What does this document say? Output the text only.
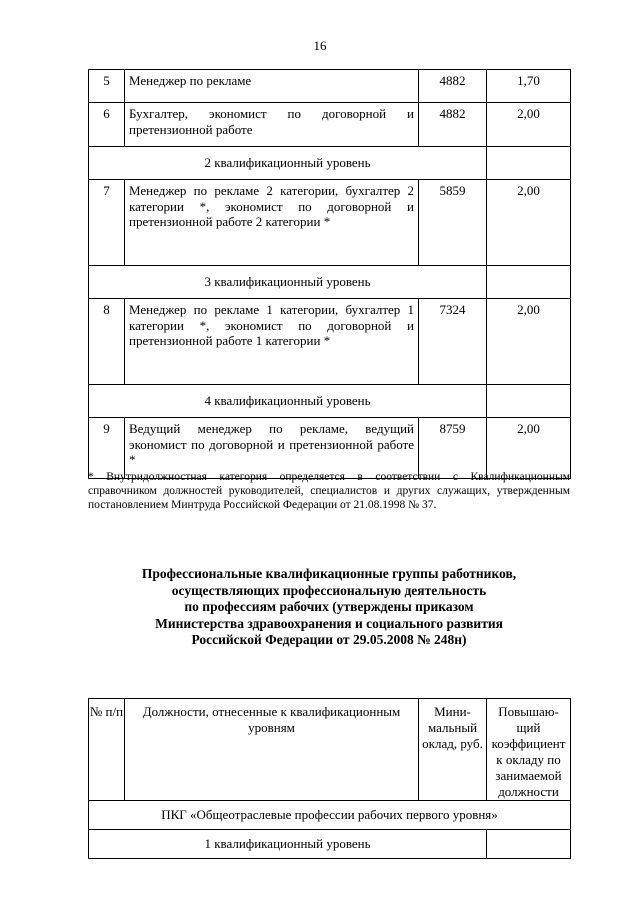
16
5	Менеджер по рекламе	4882	1,70
6	Бухгалтер, экономист по договорной и претензионной работе	4882	2,00
2 квалификационный уровень			
7	Менеджер по рекламе 2 категории, бухгалтер 2 категории *, экономист по договорной и претензионной работе 2 категории *	5859	2,00
3 квалификационный уровень			
8	Менеджер по рекламе 1 категории, бухгалтер 1 категории *, экономист по договорной и претензионной работе 1 категории *	7324	2,00
4 квалификационный уровень			
9	Ведущий менеджер по рекламе, ведущий экономист по договорной и претензионной работе *	8759	2,00
* Внутридолжностная категория определяется в соответствии с Квалификационным справочником должностей руководителей, специалистов и других служащих, утвержденным постановлением Минтруда Российской Федерации от 21.08.1998 № 37.
Профессиональные квалификационные группы работников,
осуществляющих профессиональную деятельность
по профессиям рабочих (утверждены приказом
Министерства здравоохранения и социального развития
Российской Федерации от 29.05.2008 № 248н)
№ п/п	Должности, отнесенные к квалификационным уровням	Мини-мальный оклад, руб.	Повышаю-щий коэффициент к окладу по занимаемой должности
ПКГ «Общеотраслевые профессии рабочих первого уровня»			
1 квалификационный уровень			
